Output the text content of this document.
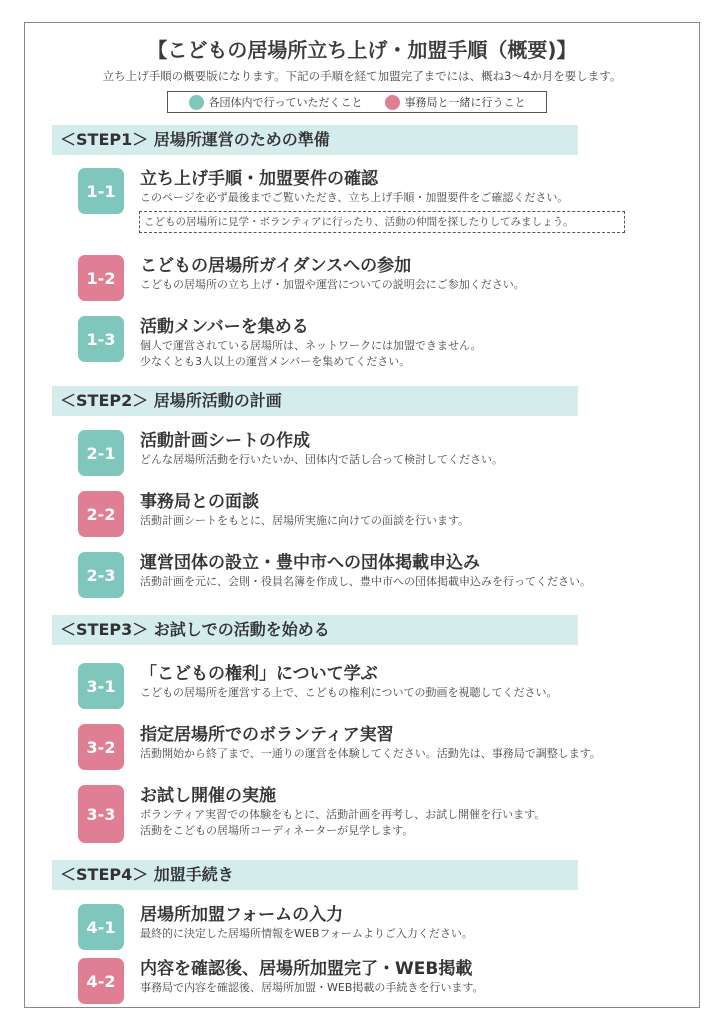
【こどもの居場所立ち上げ・加盟手順（概要)】
立ち上げ手順の概要版になります。下記の手順を経て加盟完了までには、概ね3～4か月を要します。
各団体内で行っていただくこと	事務局と一緒に行うこと
＜STEP1＞ 居場所運営のための準備
1-1
立ち上げ手順・加盟要件の確認
このページを必ず最後までご覧いただき、立ち上げ手順・加盟要件をご確認ください。
こどもの居場所に見学・ボランティアに行ったり、活動の仲間を探したりしてみましょう。
1-2
こどもの居場所ガイダンスへの参加
こどもの居場所の立ち上げ・加盟や運営についての説明会にご参加ください。
1-3
活動メンバーを集める
個人で運営されている居場所は、ネットワークには加盟できません。
少なくとも3人以上の運営メンバーを集めてください。
＜STEP2＞ 居場所活動の計画
2-1
活動計画シートの作成
どんな居場所活動を行いたいか、団体内で話し合って検討してください。
2-2
事務局との面談
活動計画シートをもとに、居場所実施に向けての面談を行います。
2-3
運営団体の設立・豊中市への団体掲載申込み
活動計画を元に、会則・役員名簿を作成し、豊中市への団体掲載申込みを行ってください。
＜STEP3＞ お試しでの活動を始める
3-1
「こどもの権利」について学ぶ
こどもの居場所を運営する上で、こどもの権利についての動画を視聴してください。
3-2
指定居場所でのボランティア実習
活動開始から終了まで、一通りの運営を体験してください。活動先は、事務局で調整します。
3-3
お試し開催の実施
ボランティア実習での体験をもとに、活動計画を再考し、お試し開催を行います。
活動をこどもの居場所コーディネーターが見学します。
＜STEP4＞ 加盟手続き
4-1
居場所加盟フォームの入力
最終的に決定した居場所情報をWEBフォームよりご入力ください。
4-2
内容を確認後、居場所加盟完了・WEB掲載
事務局で内容を確認後、居場所加盟・WEB掲載の手続きを行います。
